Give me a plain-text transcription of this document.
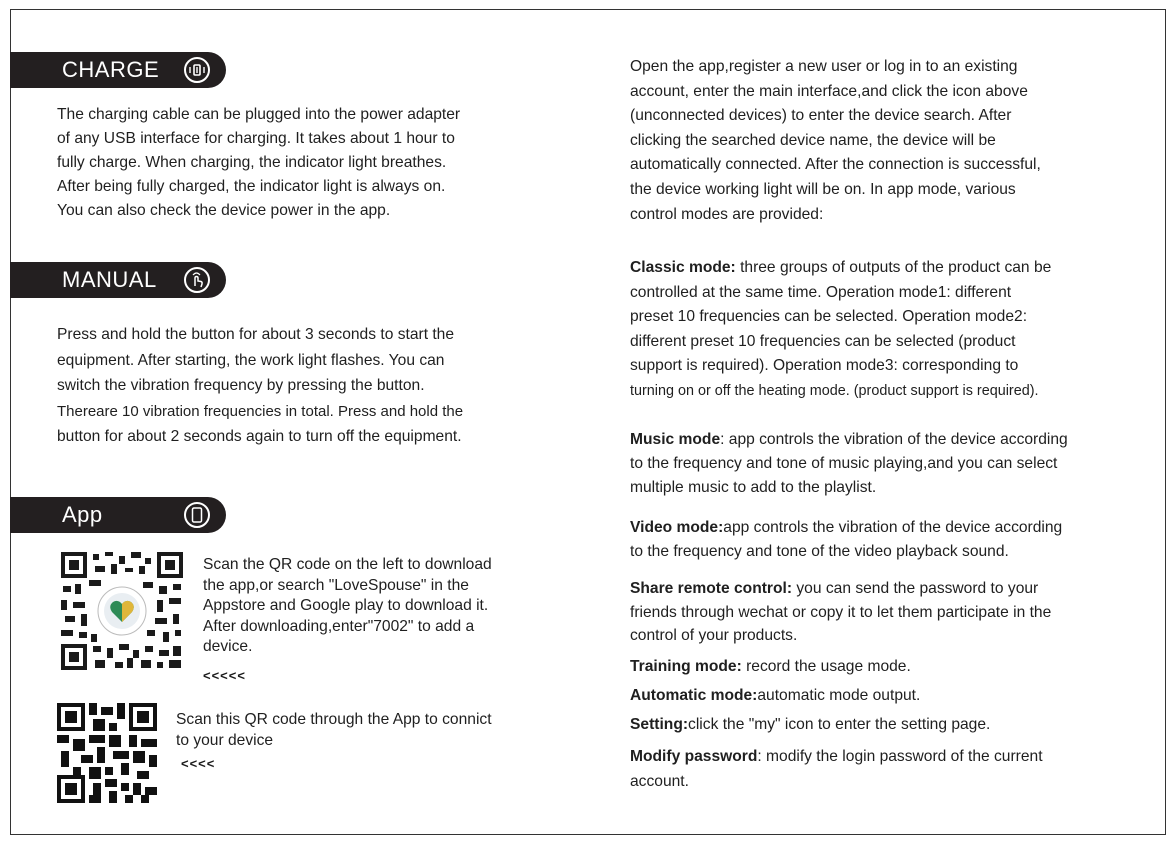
CHARGE
The charging cable can be plugged into the power adapter
of any USB interface for charging. It takes about 1 hour to
fully charge. When charging, the indicator light breathes.
After being fully charged, the indicator light is always on.
You can also check the device power in the app.
MANUAL
Press and hold the button for about 3 seconds to start the
equipment. After starting, the work light flashes. You can
switch the vibration frequency by pressing the button.
Thereare 10 vibration frequencies in total. Press and hold the
button for about 2 seconds again to turn off the equipment.
App
Scan the QR code on the left to download
the app,or search "LoveSpouse" in the
Appstore and Google play to download it.
After downloading,enter"7002" to add a
device.
<<<<<
Scan this QR code through the App to connict
to your device
<<<<
Open the app,register a new user or log in to an existing
account, enter the main interface,and click the icon above
(unconnected devices) to enter the device search. After
clicking the searched device name, the device will be
automatically connected. After the connection is successful,
the device working light will be on. In app mode, various
control modes are provided:
Classic mode: three groups of outputs of the product can be
controlled at the same time. Operation mode1: different
preset 10 frequencies can be selected. Operation mode2:
different preset 10 frequencies can be selected (product
support is required). Operation mode3: corresponding to
turning on or off the heating mode. (product support is required).
Music mode: app controls the vibration of the device according
to the frequency and tone of music playing,and you can select
multiple music to add to the playlist.
Video mode:app controls the vibration of the device according
to the frequency and tone of the video playback sound.
Share remote control: you can send the password to your
friends through wechat or copy it to let them participate in the
control of your products.
Training mode: record the usage mode.
Automatic mode:automatic mode output.
Setting:click the "my" icon to enter the setting page.
Modify password: modify the login password of the current
account.
